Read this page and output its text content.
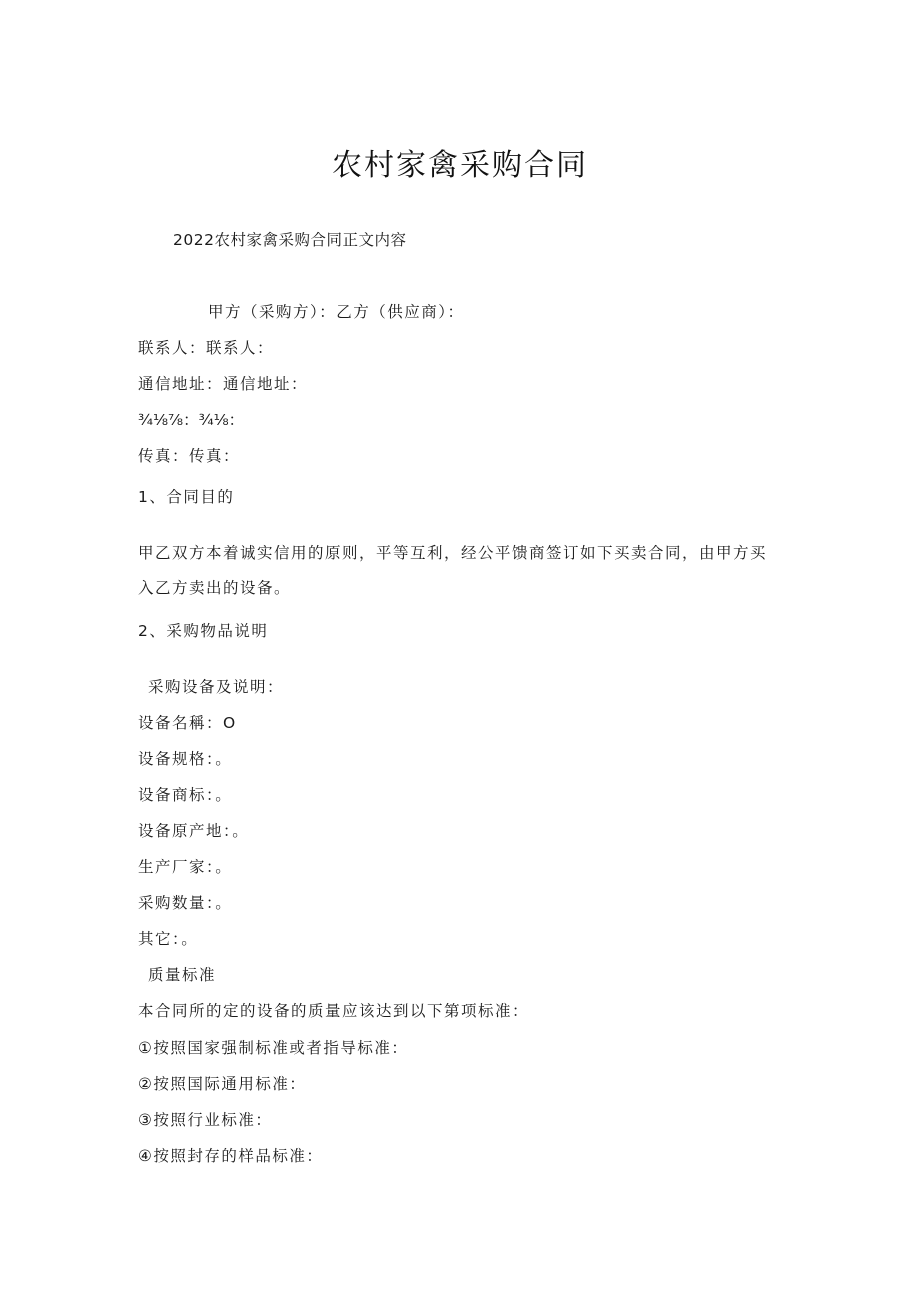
农村家禽采购合同
2022农村家禽采购合同正文内容
甲方（采购方）：乙方（供应商）：
联系人：联系人：
通信地址：通信地址：
¾⅛⅞：¾⅛：
传真：传真：
1、合同目的
甲乙双方本着诚实信用的原则，平等互利，经公平馈商签订如下买卖合同，由甲方买
入乙方卖出的设备。
2、采购物品说明
采购设备及说明：
设备名稱：O
设备规格：。
设备商标：。
设备原产地：。
生产厂家：。
采购数量：。
其它：。
质量标准
本合同所的定的设备的质量应该达到以下第项标准：
①按照国家强制标准或者指导标准：
②按照国际通用标准：
③按照行业标准：
④按照封存的样品标准：
